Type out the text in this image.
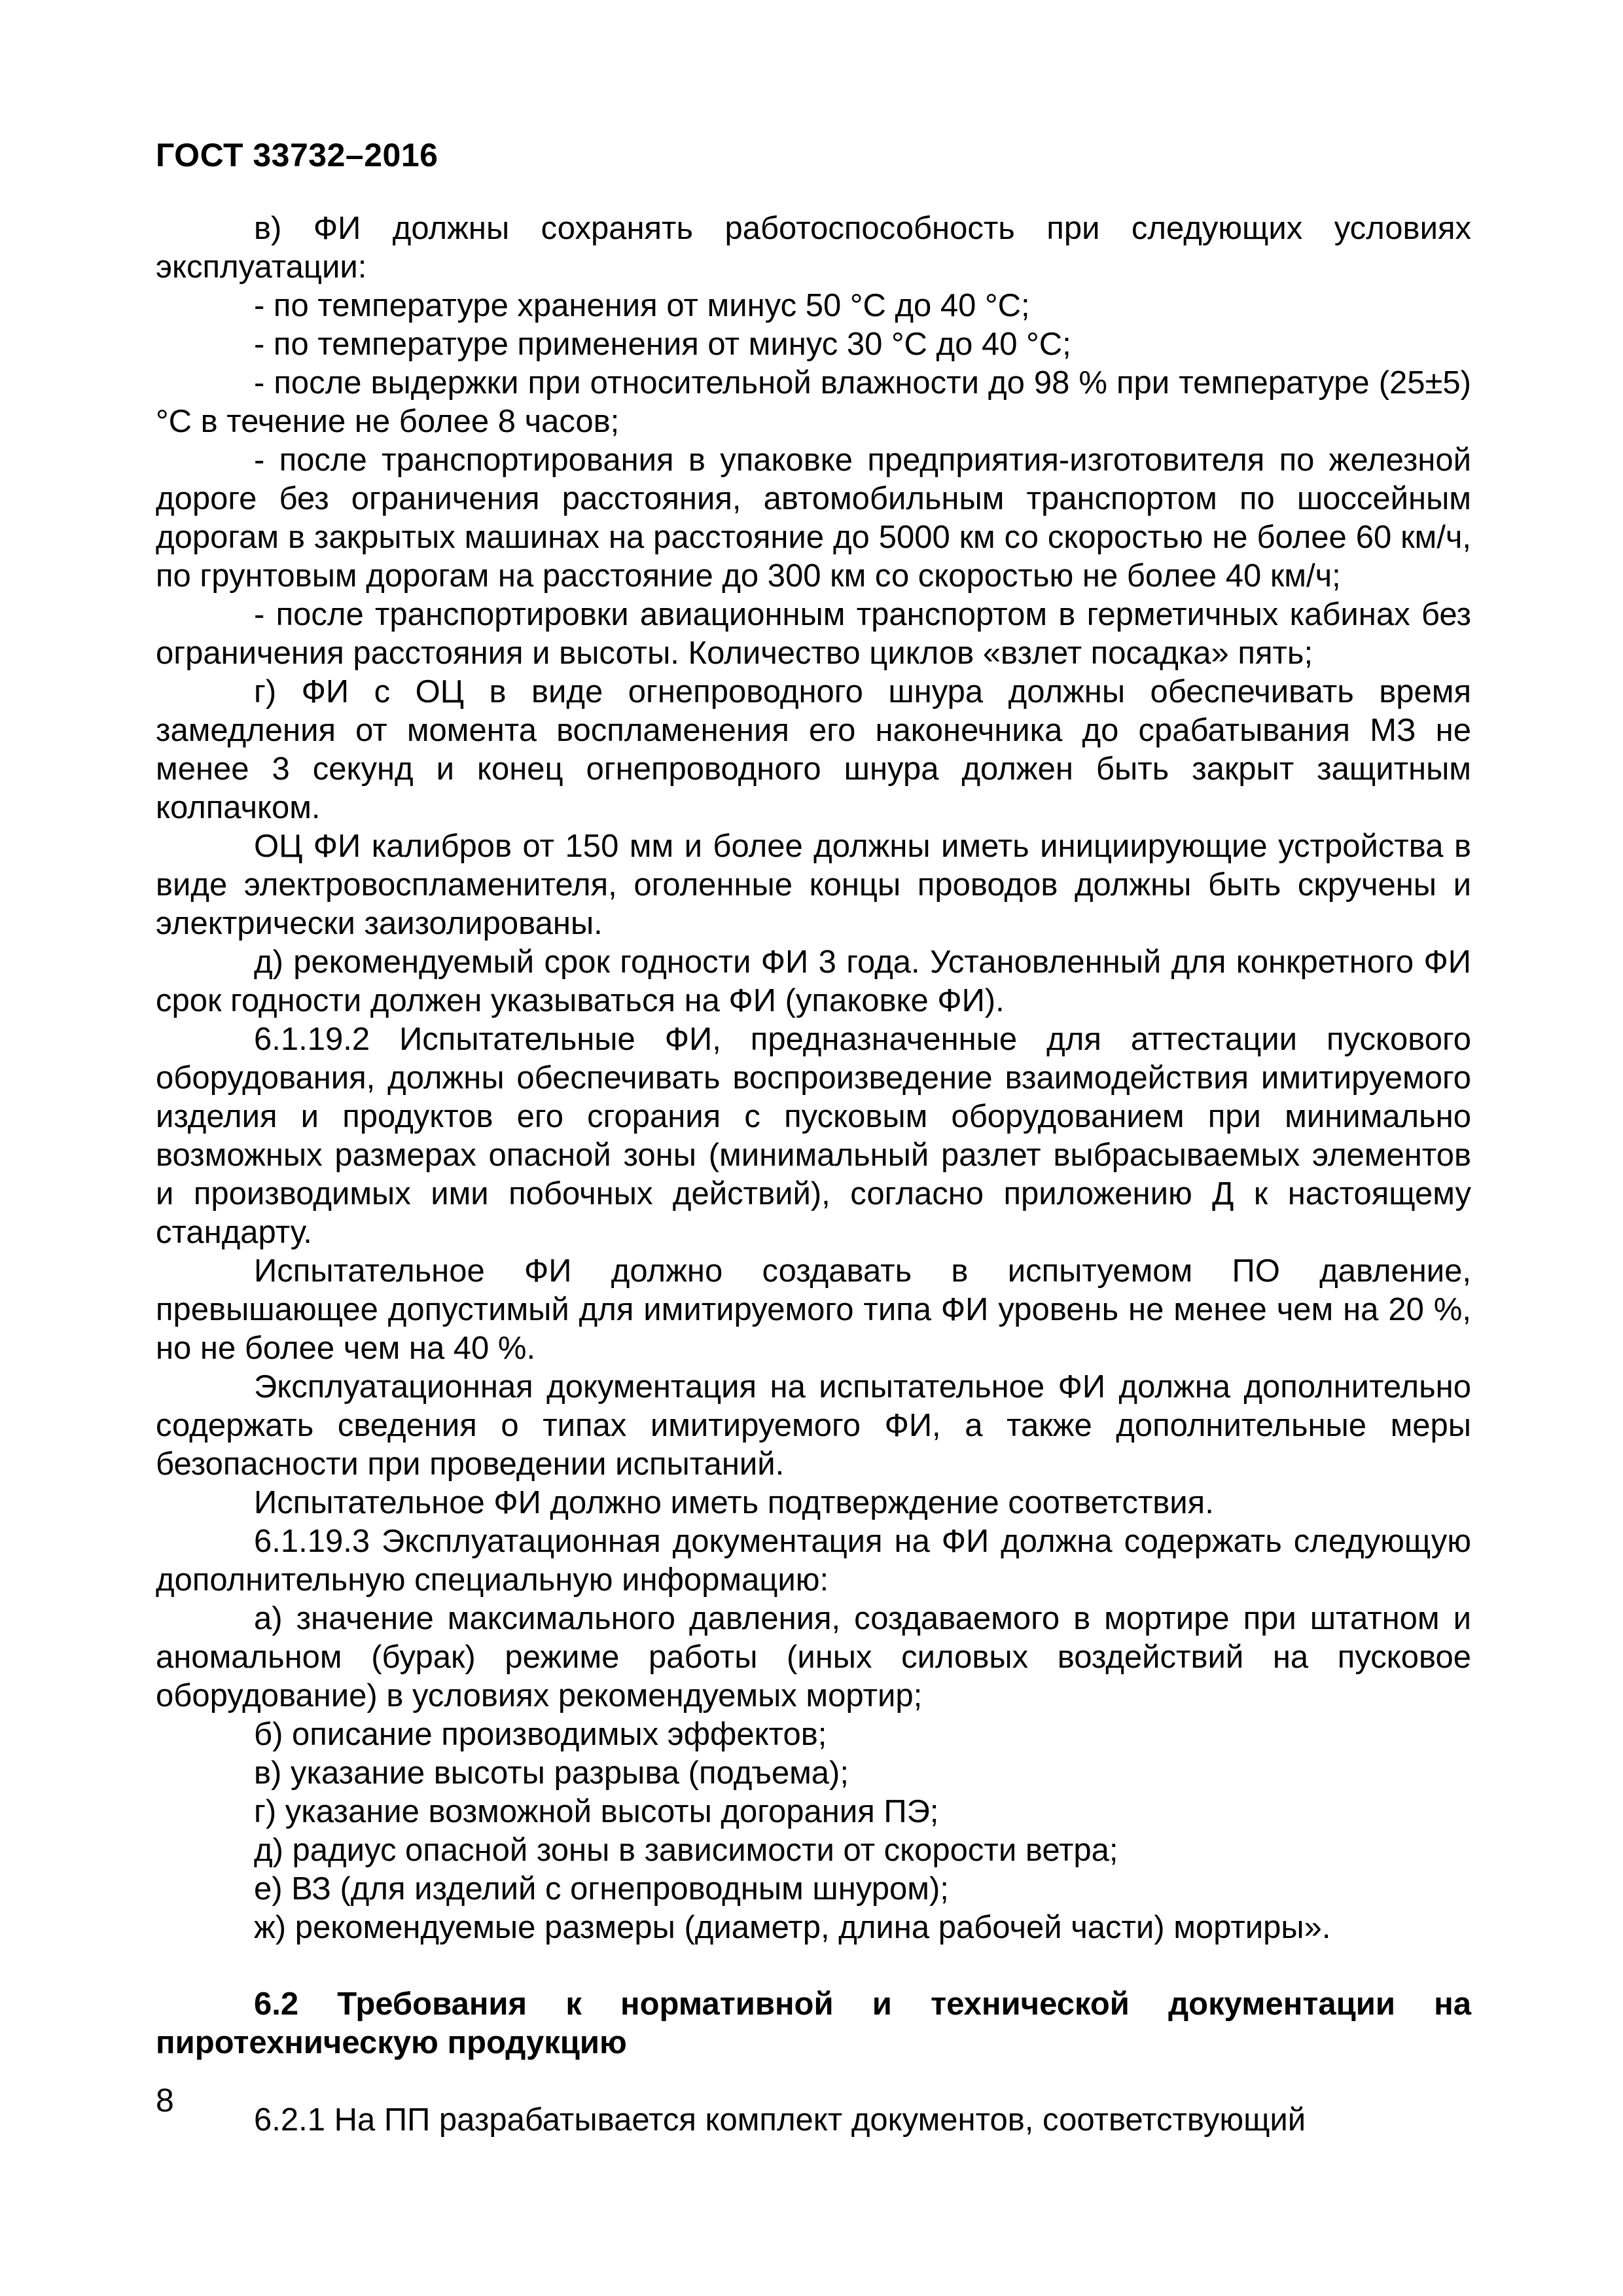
ГОСТ 33732–2016

в) ФИ должны сохранять работоспособность при следующих условиях эксплуатации:

- по температуре хранения от минус 50 °С до 40 °С;

- по температуре применения от минус 30 °С до 40 °С;

- после выдержки при относительной влажности до 98 % при температуре (25±5) °С в течение не более 8 часов;

- после транспортирования в упаковке предприятия-изготовителя по железной дороге без ограничения расстояния, автомобильным транспортом по шоссейным дорогам в закрытых машинах на расстояние до 5000 км со скоростью не более 60 км/ч, по грунтовым дорогам на расстояние до 300 км со скоростью не более 40 км/ч;

- после транспортировки авиационным транспортом в герметичных кабинах без ограничения расстояния и высоты. Количество циклов «взлет посадка» пять;

г) ФИ с ОЦ в виде огнепроводного шнура должны обеспечивать время замедления от момента воспламенения его наконечника до срабатывания МЗ не менее 3 секунд и конец огнепроводного шнура должен быть закрыт защитным колпачком.

ОЦ ФИ калибров от 150 мм и более должны иметь инициирующие устройства в виде электровоспламенителя, оголенные концы проводов должны быть скручены и электрически заизолированы.

д) рекомендуемый срок годности ФИ 3 года. Установленный для конкретного ФИ срок годности должен указываться на ФИ (упаковке ФИ).

6.1.19.2 Испытательные ФИ, предназначенные для аттестации пускового оборудования, должны обеспечивать воспроизведение взаимодействия имитируемого изделия и продуктов его сгорания с пусковым оборудованием при минимально возможных размерах опасной зоны (минимальный разлет выбрасываемых элементов и производимых ими побочных действий), согласно приложению Д к настоящему стандарту.

Испытательное ФИ должно создавать в испытуемом ПО давление, превышающее допустимый для имитируемого типа ФИ уровень не менее чем на 20 %, но не более чем на 40 %.

Эксплуатационная документация на испытательное ФИ должна дополнительно содержать сведения о типах имитируемого ФИ, а также дополнительные меры безопасности при проведении испытаний.

Испытательное ФИ должно иметь подтверждение соответствия.

6.1.19.3 Эксплуатационная документация на ФИ должна содержать следующую дополнительную специальную информацию:

а) значение максимального давления, создаваемого в мортире при штатном и аномальном (бурак) режиме работы (иных силовых воздействий на пусковое оборудование) в условиях рекомендуемых мортир;

б) описание производимых эффектов;

в) указание высоты разрыва (подъема);

г) указание возможной высоты догорания ПЭ;

д) радиус опасной зоны в зависимости от скорости ветра;

е) ВЗ (для изделий с огнепроводным шнуром);

ж) рекомендуемые размеры (диаметр, длина рабочей части) мортиры».

6.2 Требования к нормативной и технической документации на пиротехническую продукцию

6.2.1 На ПП разрабатывается комплект документов, соответствующий

8
